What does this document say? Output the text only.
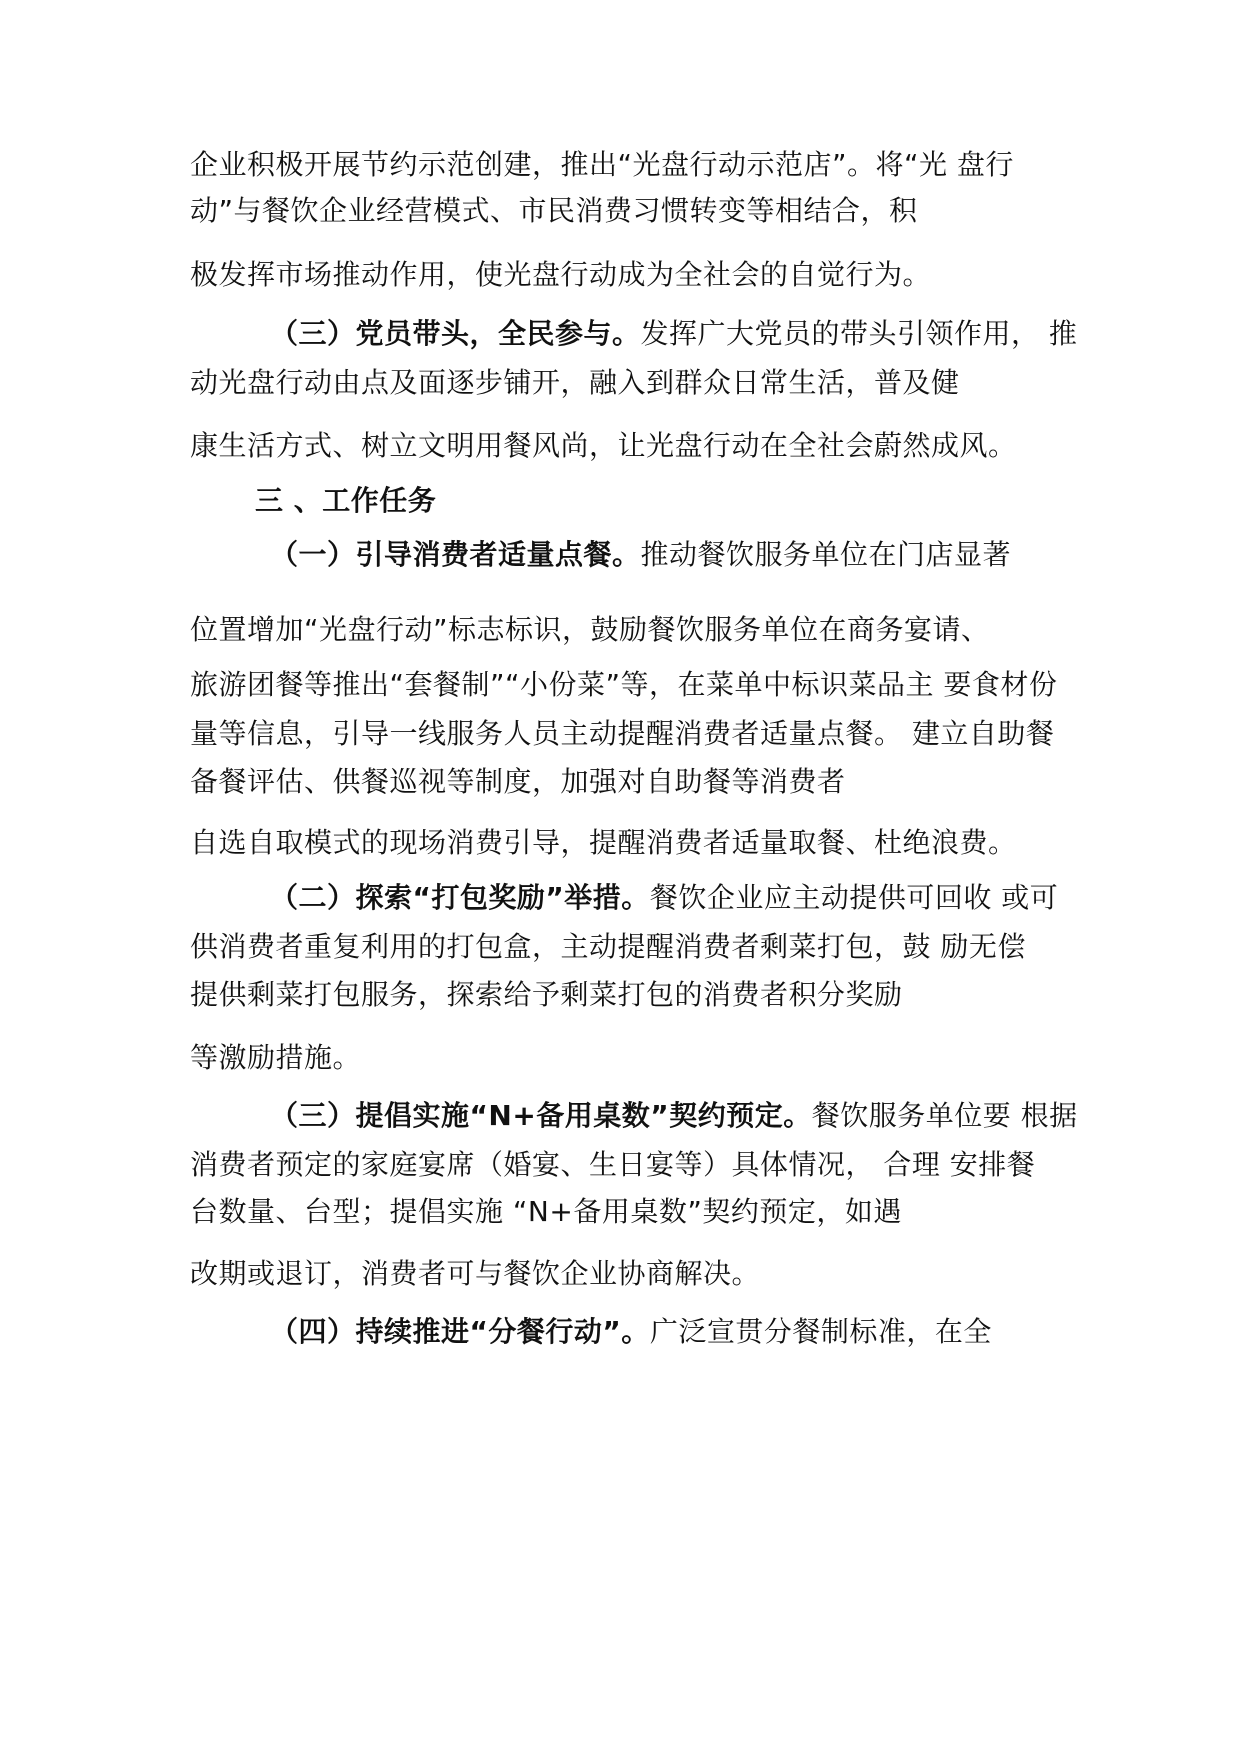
企业积极开展节约示范创建，推出“光盘行动示范店”。将“光 盘行
动”与餐饮企业经营模式、市民消费习惯转变等相结合，积
极发挥市场推动作用，使光盘行动成为全社会的自觉行为。
（三）党员带头，全民参与。发挥广大党员的带头引领作用， 推
动光盘行动由点及面逐步铺开，融入到群众日常生活，普及健
康生活方式、树立文明用餐风尚，让光盘行动在全社会蔚然成风。
三 、工作任务
（一）引导消费者适量点餐。推动餐饮服务单位在门店显著
位置增加“光盘行动”标志标识，鼓励餐饮服务单位在商务宴请、
旅游团餐等推出“套餐制”“小份菜”等，在菜单中标识菜品主 要食材份
量等信息，引导一线服务人员主动提醒消费者适量点餐。 建立自助餐
备餐评估、供餐巡视等制度，加强对自助餐等消费者
自选自取模式的现场消费引导，提醒消费者适量取餐、杜绝浪费。
（二）探索“打包奖励”举措。餐饮企业应主动提供可回收 或可
供消费者重复利用的打包盒，主动提醒消费者剩菜打包，鼓 励无偿
提供剩菜打包服务，探索给予剩菜打包的消费者积分奖励
等激励措施。
（三）提倡实施“N+备用桌数”契约预定。餐饮服务单位要 根据
消费者预定的家庭宴席（婚宴、生日宴等）具体情况， 合理 安排餐
台数量、台型；提倡实施 “N+备用桌数”契约预定，如遇
改期或退订，消费者可与餐饮企业协商解决。
（四）持续推进“分餐行动”。广泛宣贯分餐制标准，在全
